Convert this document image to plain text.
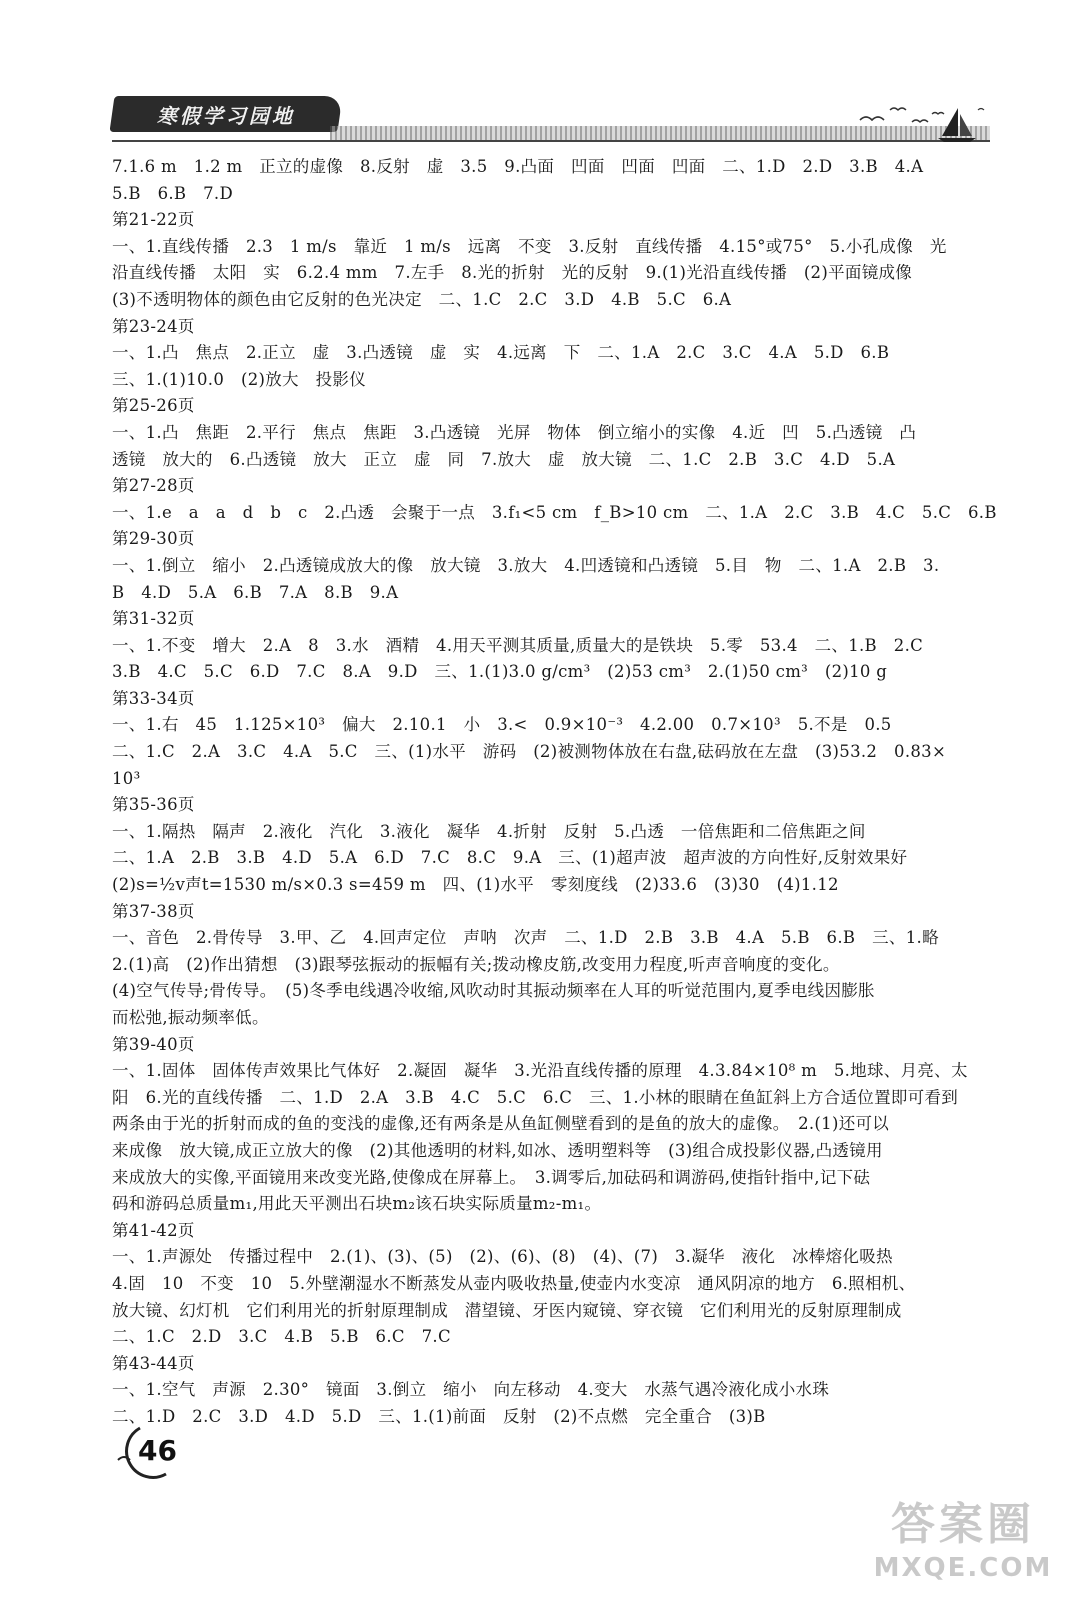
寒假学习园地
7.1.6 m　1.2 m　正立的虚像　8.反射　虚　3.5　9.凸面　凹面　凹面　凹面　二、1.D　2.D　3.B　4.A
5.B　6.B　7.D
第21-22页
一、1.直线传播　2.3　1 m/s　靠近　1 m/s　远离　不变　3.反射　直线传播　4.15°或75°　5.小孔成像　光
沿直线传播　太阳　实　6.2.4 mm　7.左手　8.光的折射　光的反射　9.(1)光沿直线传播　(2)平面镜成像
(3)不透明物体的颜色由它反射的色光决定　二、1.C　2.C　3.D　4.B　5.C　6.A
第23-24页
一、1.凸　焦点　2.正立　虚　3.凸透镜　虚　实　4.远离　下　二、1.A　2.C　3.C　4.A　5.D　6.B
三、1.(1)10.0　(2)放大　投影仪
第25-26页
一、1.凸　焦距　2.平行　焦点　焦距　3.凸透镜　光屏　物体　倒立缩小的实像　4.近　凹　5.凸透镜　凸
透镜　放大的　6.凸透镜　放大　正立　虚　同　7.放大　虚　放大镜　二、1.C　2.B　3.C　4.D　5.A
第27-28页
一、1.e　a　a　d　b　c　2.凸透　会聚于一点　3.f₁<5 cm　f_B>10 cm　二、1.A　2.C　3.B　4.C　5.C　6.B
第29-30页
一、1.倒立　缩小　2.凸透镜成放大的像　放大镜　3.放大　4.凹透镜和凸透镜　5.目　物　二、1.A　2.B　3.
B　4.D　5.A　6.B　7.A　8.B　9.A
第31-32页
一、1.不变　增大　2.A　8　3.水　酒精　4.用天平测其质量,质量大的是铁块　5.零　53.4　二、1.B　2.C
3.B　4.C　5.C　6.D　7.C　8.A　9.D　三、1.(1)3.0 g/cm³　(2)53 cm³　2.(1)50 cm³　(2)10 g
第33-34页
一、1.右　45　1.125×10³　偏大　2.10.1　小　3.<　0.9×10⁻³　4.2.00　0.7×10³　5.不是　0.5
二、1.C　2.A　3.C　4.A　5.C　三、(1)水平　游码　(2)被测物体放在右盘,砝码放在左盘　(3)53.2　0.83×
10³
第35-36页
一、1.隔热　隔声　2.液化　汽化　3.液化　凝华　4.折射　反射　5.凸透　一倍焦距和二倍焦距之间
二、1.A　2.B　3.B　4.D　5.A　6.D　7.C　8.C　9.A　三、(1)超声波　超声波的方向性好,反射效果好
(2)s=½v声t=1530 m/s×0.3 s=459 m　四、(1)水平　零刻度线　(2)33.6　(3)30　(4)1.12
第37-38页
一、音色　2.骨传导　3.甲、乙　4.回声定位　声呐　次声　二、1.D　2.B　3.B　4.A　5.B　6.B　三、1.略
2.(1)高　(2)作出猜想　(3)跟琴弦振动的振幅有关;拨动橡皮筋,改变用力程度,听声音响度的变化。
(4)空气传导;骨传导。　(5)冬季电线遇冷收缩,风吹动时其振动频率在人耳的听觉范围内,夏季电线因膨胀
而松弛,振动频率低。
第39-40页
一、1.固体　固体传声效果比气体好　2.凝固　凝华　3.光沿直线传播的原理　4.3.84×10⁸ m　5.地球、月亮、太
阳　6.光的直线传播　二、1.D　2.A　3.B　4.C　5.C　6.C　三、1.小林的眼睛在鱼缸斜上方合适位置即可看到
两条由于光的折射而成的鱼的变浅的虚像,还有两条是从鱼缸侧壁看到的是鱼的放大的虚像。　2.(1)还可以
来成像　放大镜,成正立放大的像　(2)其他透明的材料,如冰、透明塑料等　(3)组合成投影仪器,凸透镜用
来成放大的实像,平面镜用来改变光路,使像成在屏幕上。　3.调零后,加砝码和调游码,使指针指中,记下砝
码和游码总质量m₁,用此天平测出石块m₂该石块实际质量m₂-m₁。
第41-42页
一、1.声源处　传播过程中　2.(1)、(3)、(5)　(2)、(6)、(8)　(4)、(7)　3.凝华　液化　冰棒熔化吸热
4.固　10　不变　10　5.外壁潮湿水不断蒸发从壶内吸收热量,使壶内水变凉　通风阴凉的地方　6.照相机、
放大镜、幻灯机　它们利用光的折射原理制成　潜望镜、牙医内窥镜、穿衣镜　它们利用光的反射原理制成
二、1.C　2.D　3.C　4.B　5.B　6.C　7.C
第43-44页
一、1.空气　声源　2.30°　镜面　3.倒立　缩小　向左移动　4.变大　水蒸气遇冷液化成小水珠
二、1.D　2.C　3.D　4.D　5.D　三、1.(1)前面　反射　(2)不点燃　完全重合　(3)B
46
答案圈
MXQE.COM
